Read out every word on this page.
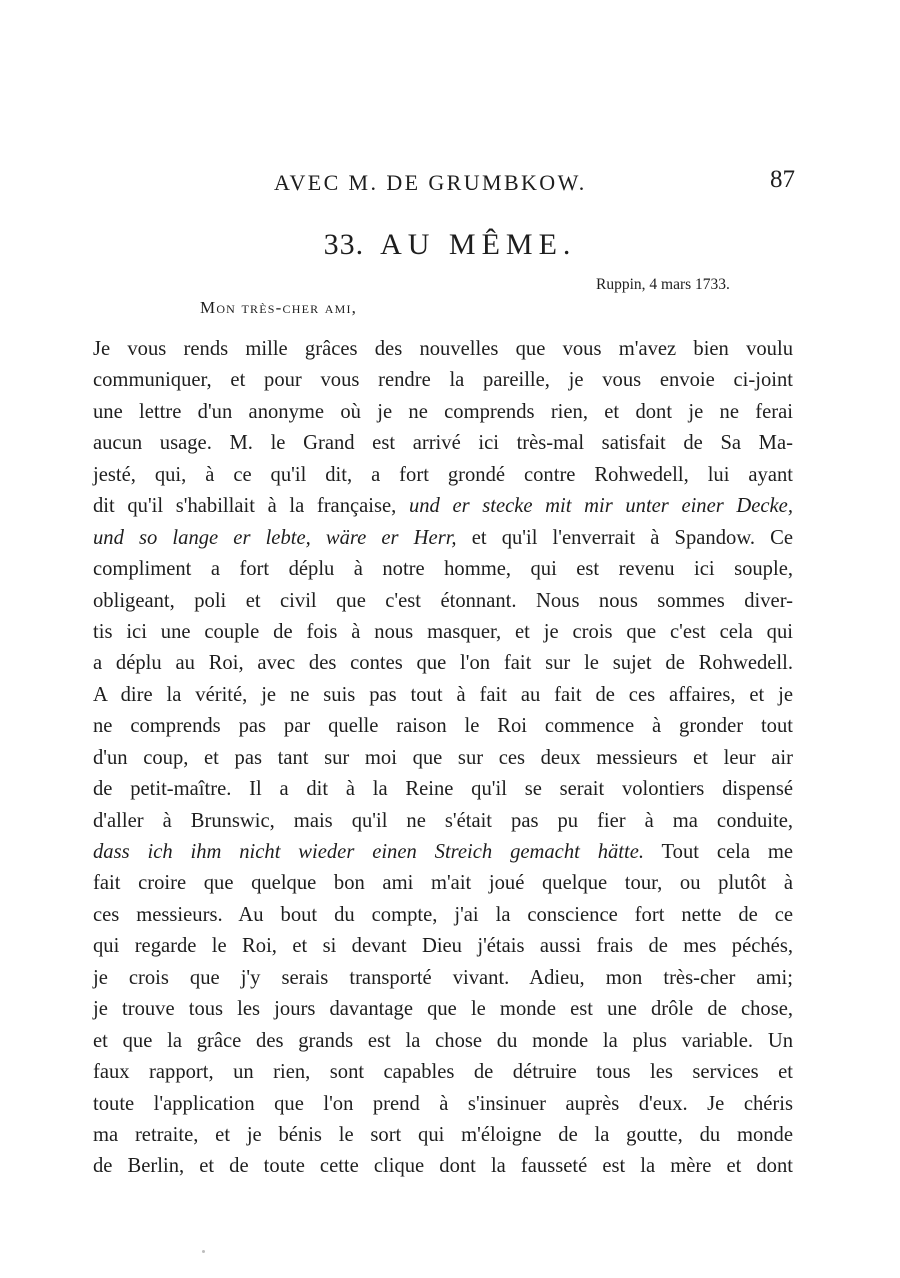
AVEC M. DE GRUMBKOW.	87
33. AU MÊME.
Ruppin, 4 mars 1733.
Mon très-cher ami,
Je vous rends mille grâces des nouvelles que vous m'avez bien voulu
communiquer, et pour vous rendre la pareille, je vous envoie ci-joint
une lettre d'un anonyme où je ne comprends rien, et dont je ne ferai
aucun usage. M. le Grand est arrivé ici très-mal satisfait de Sa Ma-
jesté, qui, à ce qu'il dit, a fort grondé contre Rohwedell, lui ayant
dit qu'il s'habillait à la française, und er stecke mit mir unter einer Decke,
und so lange er lebte, wäre er Herr, et qu'il l'enverrait à Spandow. Ce
compliment a fort déplu à notre homme, qui est revenu ici souple,
obligeant, poli et civil que c'est étonnant. Nous nous sommes diver-
tis ici une couple de fois à nous masquer, et je crois que c'est cela qui
a déplu au Roi, avec des contes que l'on fait sur le sujet de Rohwedell.
A dire la vérité, je ne suis pas tout à fait au fait de ces affaires, et je
ne comprends pas par quelle raison le Roi commence à gronder tout
d'un coup, et pas tant sur moi que sur ces deux messieurs et leur air
de petit-maître. Il a dit à la Reine qu'il se serait volontiers dispensé
d'aller à Brunswic, mais qu'il ne s'était pas pu fier à ma conduite,
dass ich ihm nicht wieder einen Streich gemacht hätte. Tout cela me
fait croire que quelque bon ami m'ait joué quelque tour, ou plutôt à
ces messieurs. Au bout du compte, j'ai la conscience fort nette de ce
qui regarde le Roi, et si devant Dieu j'étais aussi frais de mes péchés,
je crois que j'y serais transporté vivant. Adieu, mon très-cher ami;
je trouve tous les jours davantage que le monde est une drôle de chose,
et que la grâce des grands est la chose du monde la plus variable. Un
faux rapport, un rien, sont capables de détruire tous les services et
toute l'application que l'on prend à s'insinuer auprès d'eux. Je chéris
ma retraite, et je bénis le sort qui m'éloigne de la goutte, du monde
de Berlin, et de toute cette clique dont la fausseté est la mère et dont
